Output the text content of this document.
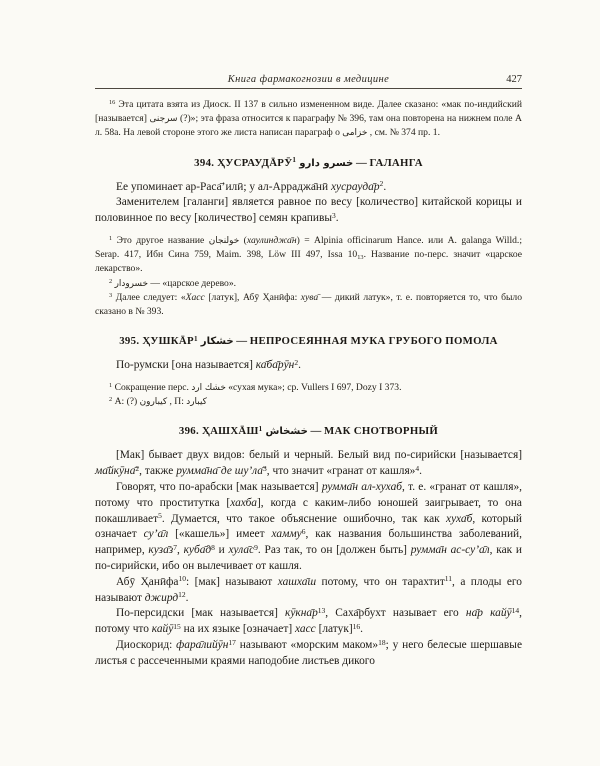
Книга фармакогнозии в медицине	427

$^{16}$ Эта цитата взята из Диоск. II 137 в сильно измененном виде. Далее сказано: «мак по-индийский [называется] سرجنى (?)»; эта фраза относится к параграфу № 396, там она повторена на нижнем поле А л. 58а. На левой стороне этого же листа написан параграф о خزامى , см. № 374 пр. 1.

394. ҲУСРАУДĀРӮ$^1$ خسرو دارو — ГАЛАНГА

Ее упоминает ар-Раса̄’илӣ; у ал-Арраджа̄нӣ $хусрауда̄р^2$.

Заменителем [галанги] является равное по весу [количество] китайской корицы и половинное по весу [количество] семян крапивы$^3$.

$^1$ Это другое название خولنجان (хаулинджа̄н) = Alpinia officinarum Hance. или A. galanga Willd.; Serap. 417, Ибн Сина 759, Maim. 398, Löw III 497, Issa $10_{13}$. Название по-перс. значит «царское лекарство».

$^2$ خسرودار — «царское дерево».

$^3$ Далее следует: «Хасс [латук], Абӯ Ҳанӣфа: хува̄ — дикий латук», т. е. повторяется то, что было сказано в № 393.

395. ҲУШКĀР$^1$ خشكار — НЕПРОСЕЯННАЯ МУКА ГРУБОГО ПОМОЛА

По-румски [она называется] ка̄ба̄рӯн$^2$.

$^1$ Сокращение перс. خشك ارد «сухая мука»; ср. Vullers I 697, Dozy I 373.

$^2$ А: (?) كيبارون , П: كيبارد

396. ҲАШХĀШ$^1$ خشخاش — МАК СНОТВОРНЫЙ

[Мак] бывает двух видов: белый и черный. Белый вид по-сирийски [называется] ма̄йкӯна̄$^2$, также румма̄на̄ де шу’ла̄$^3$, что значит «гранат от кашля»$^4$.

Говорят, что по-арабски [мак называется] румма̄н ал-хухаб, т. е. «гранат от кашля», потому что проститутка [хахба], когда с каким-либо юношей заигрывает, то она покашливает$^5$. Думается, что такое объяснение ошибочно, так как хуха̄б, который означает су’а̄л [«кашель»] имеет хамму$^6$, как названия большинства заболеваний, например, $куза̄з^7$, $куба̄д^8$ и $хула̄с^9$. Раз так, то он [должен быть] румма̄н ас-су’а̄л, как и по-сирийски, ибо он вылечивает от кашля.

Абӯ Ҳанӣфа$^{10}$: [мак] называют хашха̄ш потому, что он тарахтит$^{11}$, а плоды его называют джирд$^{12}$.

По-персидски [мак называется] $кӯкна̄р^{13}$, Саха̄рбухт называет его на̄р кайӯ$^{14}$, потому что кайӯ$^{15}$ на их языке [означает] хасс [латук]$^{16}$.

Диоскорид: фара̄лийӯн$^{17}$ называют «морским маком»$^{18}$; у него белесые шершавые листья с рассеченными краями наподобие листьев дикого
